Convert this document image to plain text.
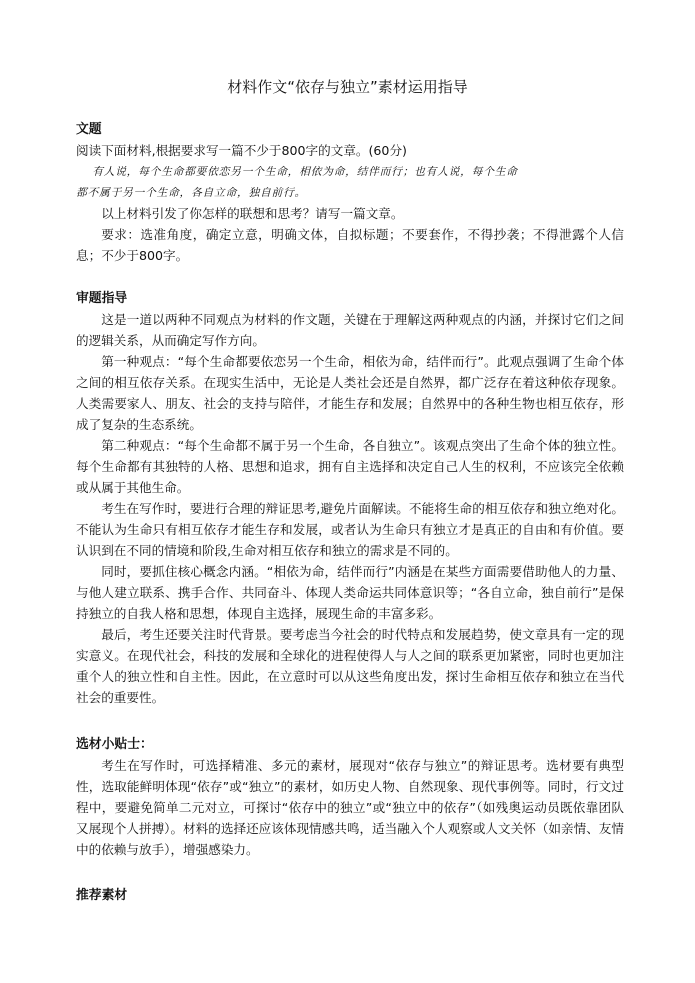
材料作文“依存与独立”素材运用指导

文题

阅读下面材料,根据要求写一篇不少于800字的文章。(60分)

有人说，每个生命都要依恋另一个生命，相依为命，结伴而行；也有人说，每个生命

都不属于另一个生命，各自立命，独自前行。

以上材料引发了你怎样的联想和思考？请写一篇文章。

要求：选准角度，确定立意，明确文体，自拟标题；不要套作，不得抄袭；不得泄露个人信息；不少于800字。

审题指导

这是一道以两种不同观点为材料的作文题，关键在于理解这两种观点的内涵，并探讨它们之间的逻辑关系，从而确定写作方向。

第一种观点：“每个生命都要依恋另一个生命，相依为命，结伴而行”。此观点强调了生命个体之间的相互依存关系。在现实生活中，无论是人类社会还是自然界，都广泛存在着这种依存现象。人类需要家人、朋友、社会的支持与陪伴，才能生存和发展；自然界中的各种生物也相互依存，形成了复杂的生态系统。

第二种观点：“每个生命都不属于另一个生命，各自独立”。该观点突出了生命个体的独立性。每个生命都有其独特的人格、思想和追求，拥有自主选择和决定自己人生的权利，不应该完全依赖或从属于其他生命。

考生在写作时，要进行合理的辩证思考,避免片面解读。不能将生命的相互依存和独立绝对化。不能认为生命只有相互依存才能生存和发展，或者认为生命只有独立才是真正的自由和有价值。要认识到在不同的情境和阶段,生命对相互依存和独立的需求是不同的。

同时，要抓住核心概念内涵。“相依为命，结伴而行”内涵是在某些方面需要借助他人的力量、与他人建立联系、携手合作、共同奋斗、体现人类命运共同体意识等；“各自立命，独自前行”是保持独立的自我人格和思想，体现自主选择，展现生命的丰富多彩。

最后，考生还要关注时代背景。要考虑当今社会的时代特点和发展趋势，使文章具有一定的现实意义。在现代社会，科技的发展和全球化的进程使得人与人之间的联系更加紧密，同时也更加注重个人的独立性和自主性。因此，在立意时可以从这些角度出发，探讨生命相互依存和独立在当代社会的重要性。

选材小贴士：

考生在写作时，可选择精准、多元的素材，展现对“依存与独立”的辩证思考。选材要有典型性，选取能鲜明体现“依存”或“独立”的素材，如历史人物、自然现象、现代事例等。同时，行文过程中，要避免简单二元对立，可探讨“依存中的独立”或“独立中的依存”（如残奥运动员既依靠团队又展现个人拼搏）。材料的选择还应该体现情感共鸣，适当融入个人观察或人文关怀（如亲情、友情中的依赖与放手），增强感染力。

推荐素材
